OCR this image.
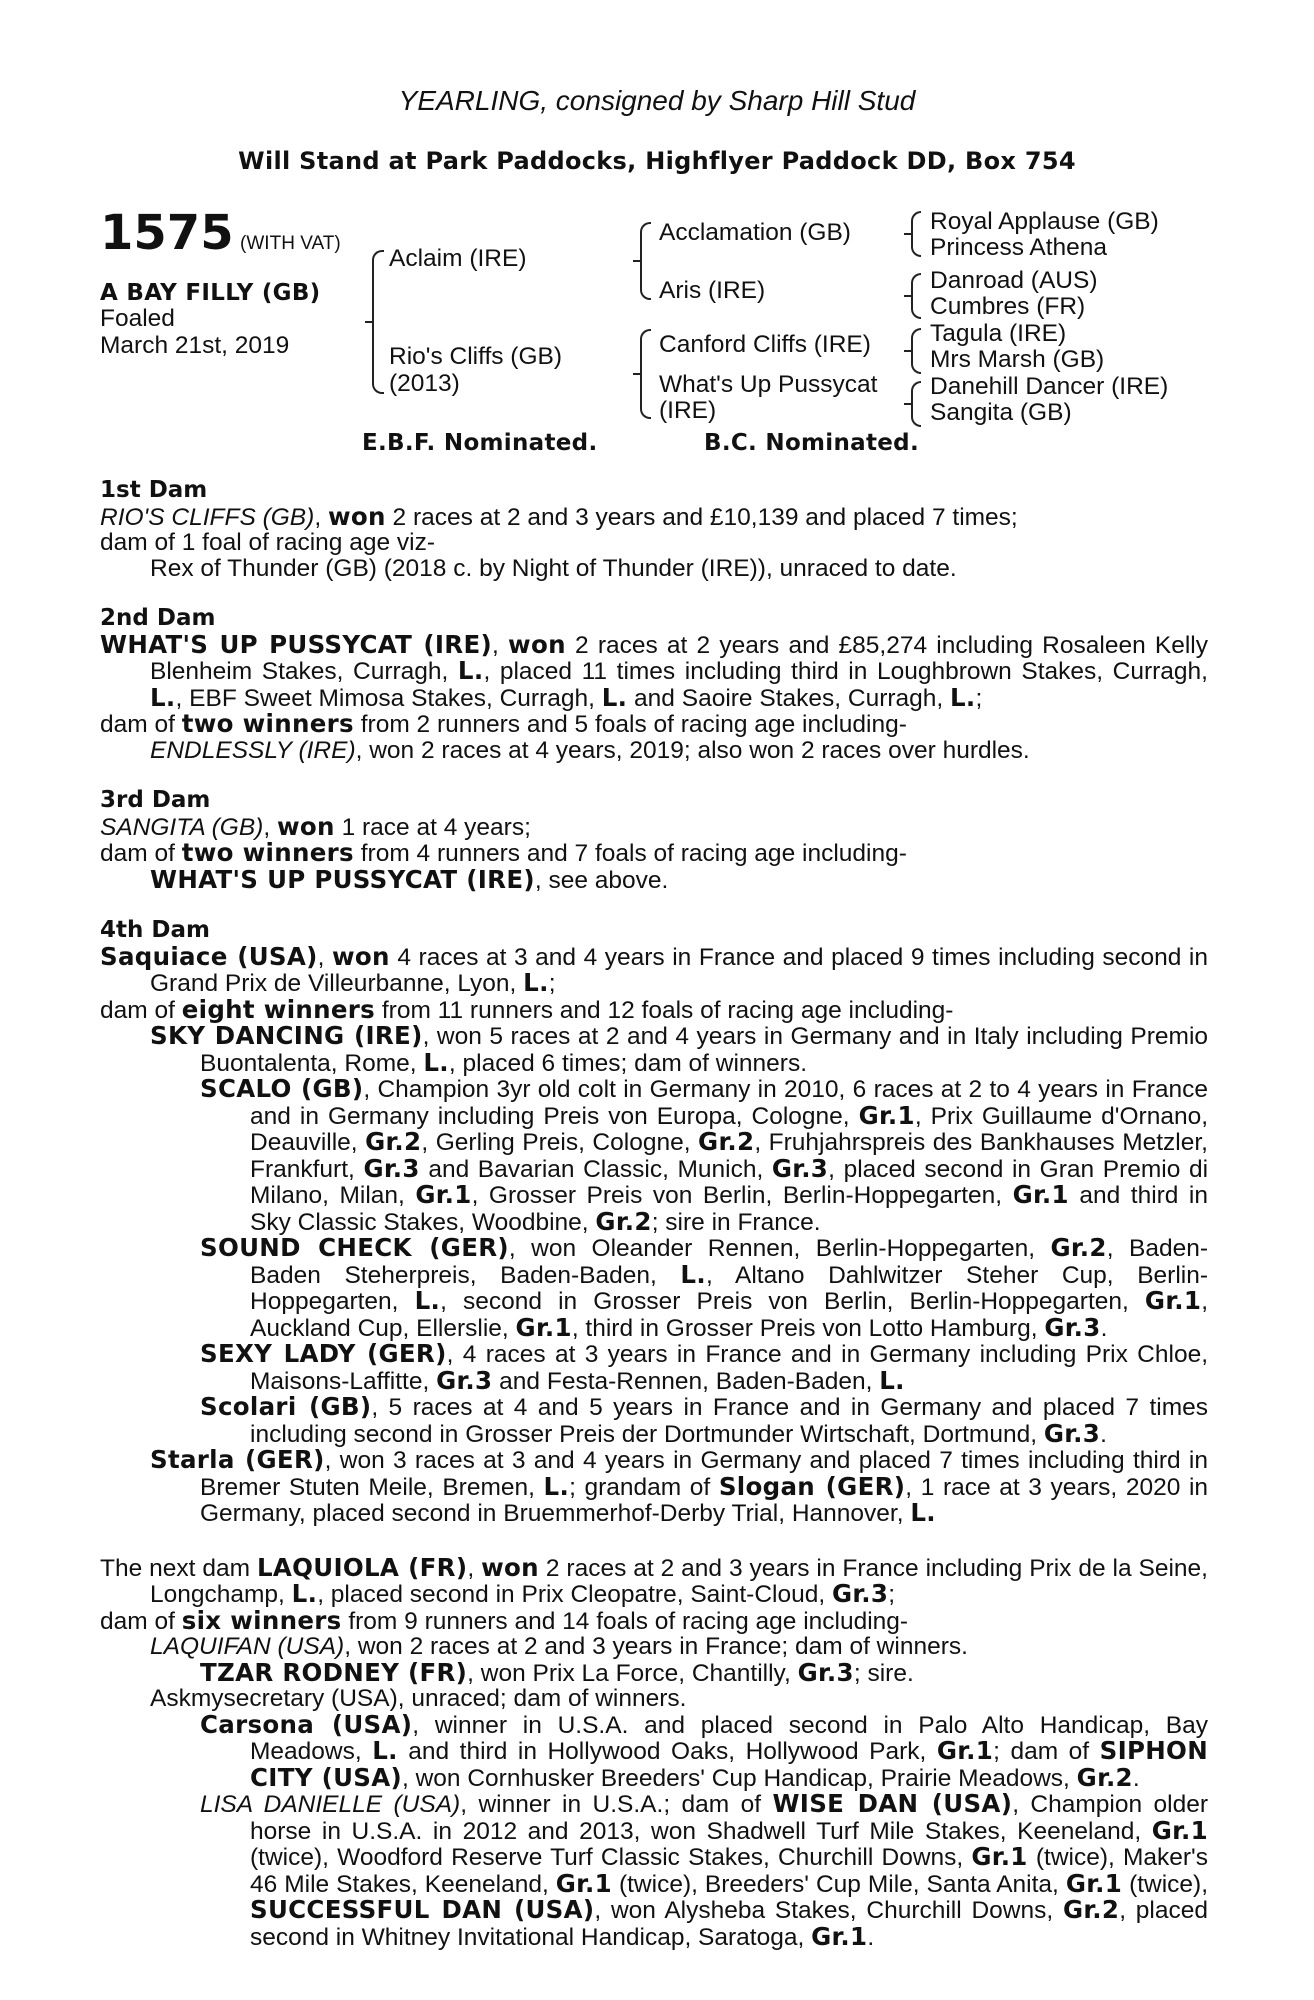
YEARLING, consigned by Sharp Hill Stud
Will Stand at Park Paddocks, Highflyer Paddock DD, Box 754
1575 (WITH VAT)
A BAY FILLY (GB)
Foaled
March 21st, 2019
Aclaim (IRE)
Rio's Cliffs (GB)
(2013)
Acclamation (GB)
Aris (IRE)
Canford Cliffs (IRE)
What's Up Pussycat
(IRE)
Royal Applause (GB)
Princess Athena
Danroad (AUS)
Cumbres (FR)
Tagula (IRE)
Mrs Marsh (GB)
Danehill Dancer (IRE)
Sangita (GB)
E.B.F. Nominated.	B.C. Nominated.

1st Dam

RIO'S CLIFFS (GB), won 2 races at 2 and 3 years and £10,139 and placed 7 times;

dam of 1 foal of racing age viz-

Rex of Thunder (GB) (2018 c. by Night of Thunder (IRE)), unraced to date.

2nd Dam

WHAT'S UP PUSSYCAT (IRE), won 2 races at 2 years and £85,274 including Rosaleen Kelly Blenheim Stakes, Curragh, L., placed 11 times including third in Loughbrown Stakes, Curragh, L., EBF Sweet Mimosa Stakes, Curragh, L. and Saoire Stakes, Curragh, L.;

dam of two winners from 2 runners and 5 foals of racing age including-

ENDLESSLY (IRE), won 2 races at 4 years, 2019; also won 2 races over hurdles.

3rd Dam

SANGITA (GB), won 1 race at 4 years;

dam of two winners from 4 runners and 7 foals of racing age including-

WHAT'S UP PUSSYCAT (IRE), see above.

4th Dam

Saquiace (USA), won 4 races at 3 and 4 years in France and placed 9 times including second in Grand Prix de Villeurbanne, Lyon, L.;

dam of eight winners from 11 runners and 12 foals of racing age including-

SKY DANCING (IRE), won 5 races at 2 and 4 years in Germany and in Italy including Premio Buontalenta, Rome, L., placed 6 times; dam of winners.

SCALO (GB), Champion 3yr old colt in Germany in 2010, 6 races at 2 to 4 years in France and in Germany including Preis von Europa, Cologne, Gr.1, Prix Guillaume d'Ornano, Deauville, Gr.2, Gerling Preis, Cologne, Gr.2, Fruhjahrspreis des Bankhauses Metzler, Frankfurt, Gr.3 and Bavarian Classic, Munich, Gr.3, placed second in Gran Premio di Milano, Milan, Gr.1, Grosser Preis von Berlin, Berlin-Hoppegarten, Gr.1 and third in Sky Classic Stakes, Woodbine, Gr.2; sire in France.

SOUND CHECK (GER), won Oleander Rennen, Berlin-Hoppegarten, Gr.2, Baden-Baden Steherpreis, Baden-Baden, L., Altano Dahlwitzer Steher Cup, Berlin-Hoppegarten, L., second in Grosser Preis von Berlin, Berlin-Hoppegarten, Gr.1, Auckland Cup, Ellerslie, Gr.1, third in Grosser Preis von Lotto Hamburg, Gr.3.

SEXY LADY (GER), 4 races at 3 years in France and in Germany including Prix Chloe, Maisons-Laffitte, Gr.3 and Festa-Rennen, Baden-Baden, L.

Scolari (GB), 5 races at 4 and 5 years in France and in Germany and placed 7 times including second in Grosser Preis der Dortmunder Wirtschaft, Dortmund, Gr.3.

Starla (GER), won 3 races at 3 and 4 years in Germany and placed 7 times including third in Bremer Stuten Meile, Bremen, L.; grandam of Slogan (GER), 1 race at 3 years, 2020 in Germany, placed second in Bruemmerhof-Derby Trial, Hannover, L.

The next dam LAQUIOLA (FR), won 2 races at 2 and 3 years in France including Prix de la Seine, Longchamp, L., placed second in Prix Cleopatre, Saint-Cloud, Gr.3;

dam of six winners from 9 runners and 14 foals of racing age including-

LAQUIFAN (USA), won 2 races at 2 and 3 years in France; dam of winners.

TZAR RODNEY (FR), won Prix La Force, Chantilly, Gr.3; sire.

Askmysecretary (USA), unraced; dam of winners.

Carsona (USA), winner in U.S.A. and placed second in Palo Alto Handicap, Bay Meadows, L. and third in Hollywood Oaks, Hollywood Park, Gr.1; dam of SIPHON CITY (USA), won Cornhusker Breeders' Cup Handicap, Prairie Meadows, Gr.2.

LISA DANIELLE (USA), winner in U.S.A.; dam of WISE DAN (USA), Champion older horse in U.S.A. in 2012 and 2013, won Shadwell Turf Mile Stakes, Keeneland, Gr.1 (twice), Woodford Reserve Turf Classic Stakes, Churchill Downs, Gr.1 (twice), Maker's 46 Mile Stakes, Keeneland, Gr.1 (twice), Breeders' Cup Mile, Santa Anita, Gr.1 (twice), SUCCESSFUL DAN (USA), won Alysheba Stakes, Churchill Downs, Gr.2, placed second in Whitney Invitational Handicap, Saratoga, Gr.1.
